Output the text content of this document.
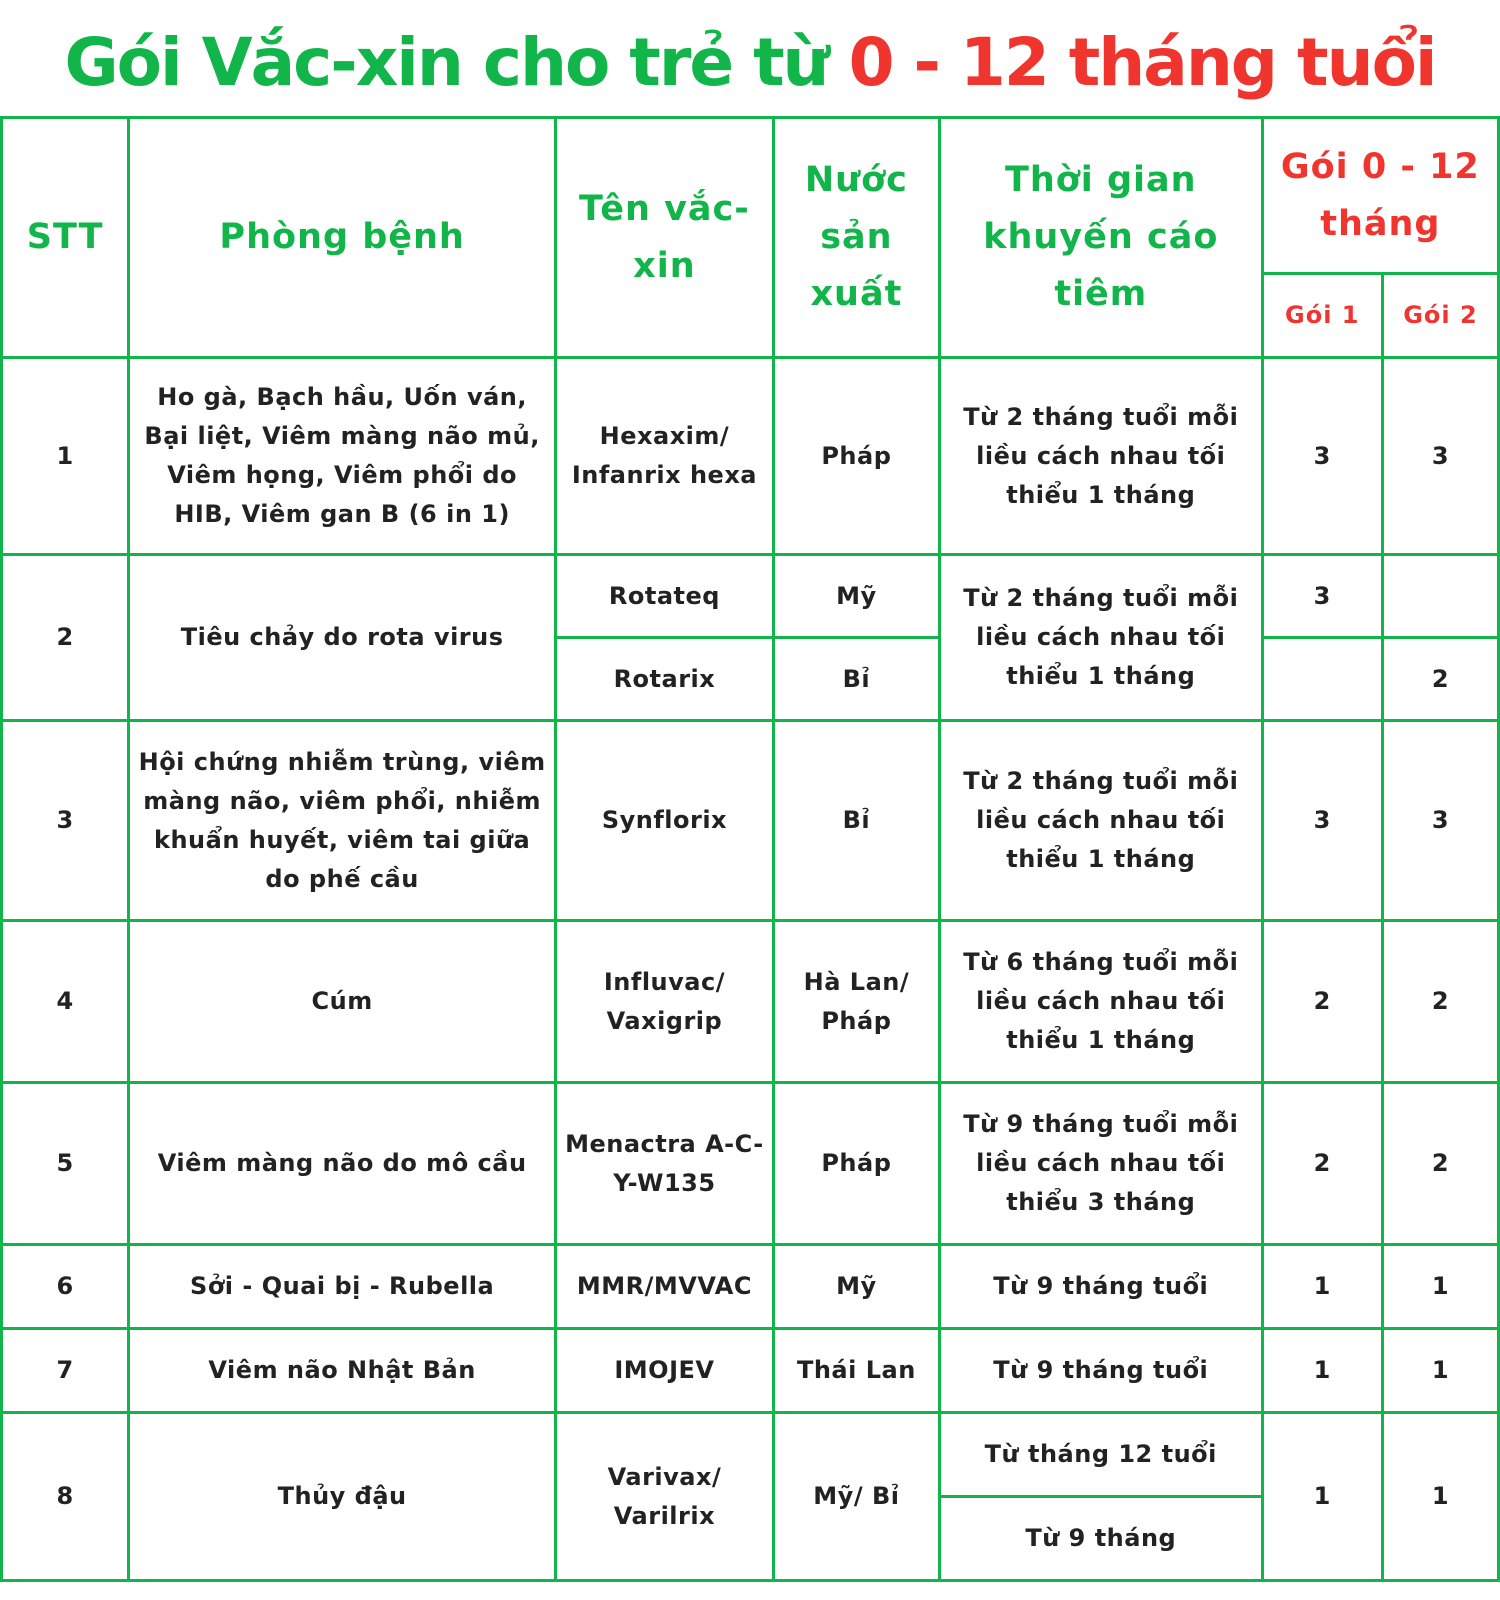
Gói Vắc-xin cho trẻ từ 0 - 12 tháng tuổi
STT	Phòng bệnh	Tên vắc-xin	Nước sản xuất	Thời gian khuyến cáo tiêm	Gói 0 - 12 tháng	
					Gói 1	Gói 2
1	Ho gà, Bạch hầu, Uốn ván, Bại liệt, Viêm màng não mủ, Viêm họng, Viêm phổi do HIB, Viêm gan B (6 in 1)	Hexaxim/ Infanrix hexa	Pháp	Từ 2 tháng tuổi mỗi liều cách nhau tối thiểu 1 tháng	3	3
2	Tiêu chảy do rota virus	Rotateq	Mỹ	Từ 2 tháng tuổi mỗi liều cách nhau tối thiểu 1 tháng	3	
		Rotarix	Bỉ			2
3	Hội chứng nhiễm trùng, viêm màng não, viêm phổi, nhiễm khuẩn huyết, viêm tai giữa do phế cầu	Synflorix	Bỉ	Từ 2 tháng tuổi mỗi liều cách nhau tối thiểu 1 tháng	3	3
4	Cúm	Influvac/ Vaxigrip	Hà Lan/ Pháp	Từ 6 tháng tuổi mỗi liều cách nhau tối thiểu 1 tháng	2	2
5	Viêm màng não do mô cầu	Menactra A-C-Y-W135	Pháp	Từ 9 tháng tuổi mỗi liều cách nhau tối thiểu 3 tháng	2	2
6	Sởi - Quai bị - Rubella	MMR/MVVAC	Mỹ	Từ 9 tháng tuổi	1	1
7	Viêm não Nhật Bản	IMOJEV	Thái Lan	Từ 9 tháng tuổi	1	1
8	Thủy đậu	Varivax/ Varilrix	Mỹ/ Bỉ	Từ tháng 12 tuổi	1	1
				Từ 9 tháng		
